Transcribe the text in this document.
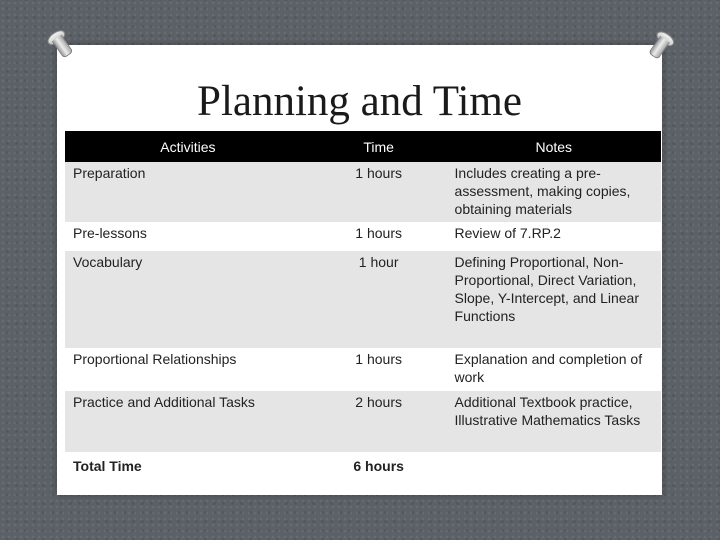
Planning and Time
Activities	Time	Notes
Preparation	1 hours	Includes creating a pre-assessment, making copies, obtaining materials
Pre-lessons	1 hours	Review of 7.RP.2
Vocabulary	1 hour	Defining Proportional, Non-Proportional, Direct Variation, Slope, Y-Intercept, and Linear Functions
Proportional Relationships	1 hours	Explanation and completion of work
Practice and Additional Tasks	2 hours	Additional Textbook practice, Illustrative Mathematics Tasks
Total Time	6 hours	
